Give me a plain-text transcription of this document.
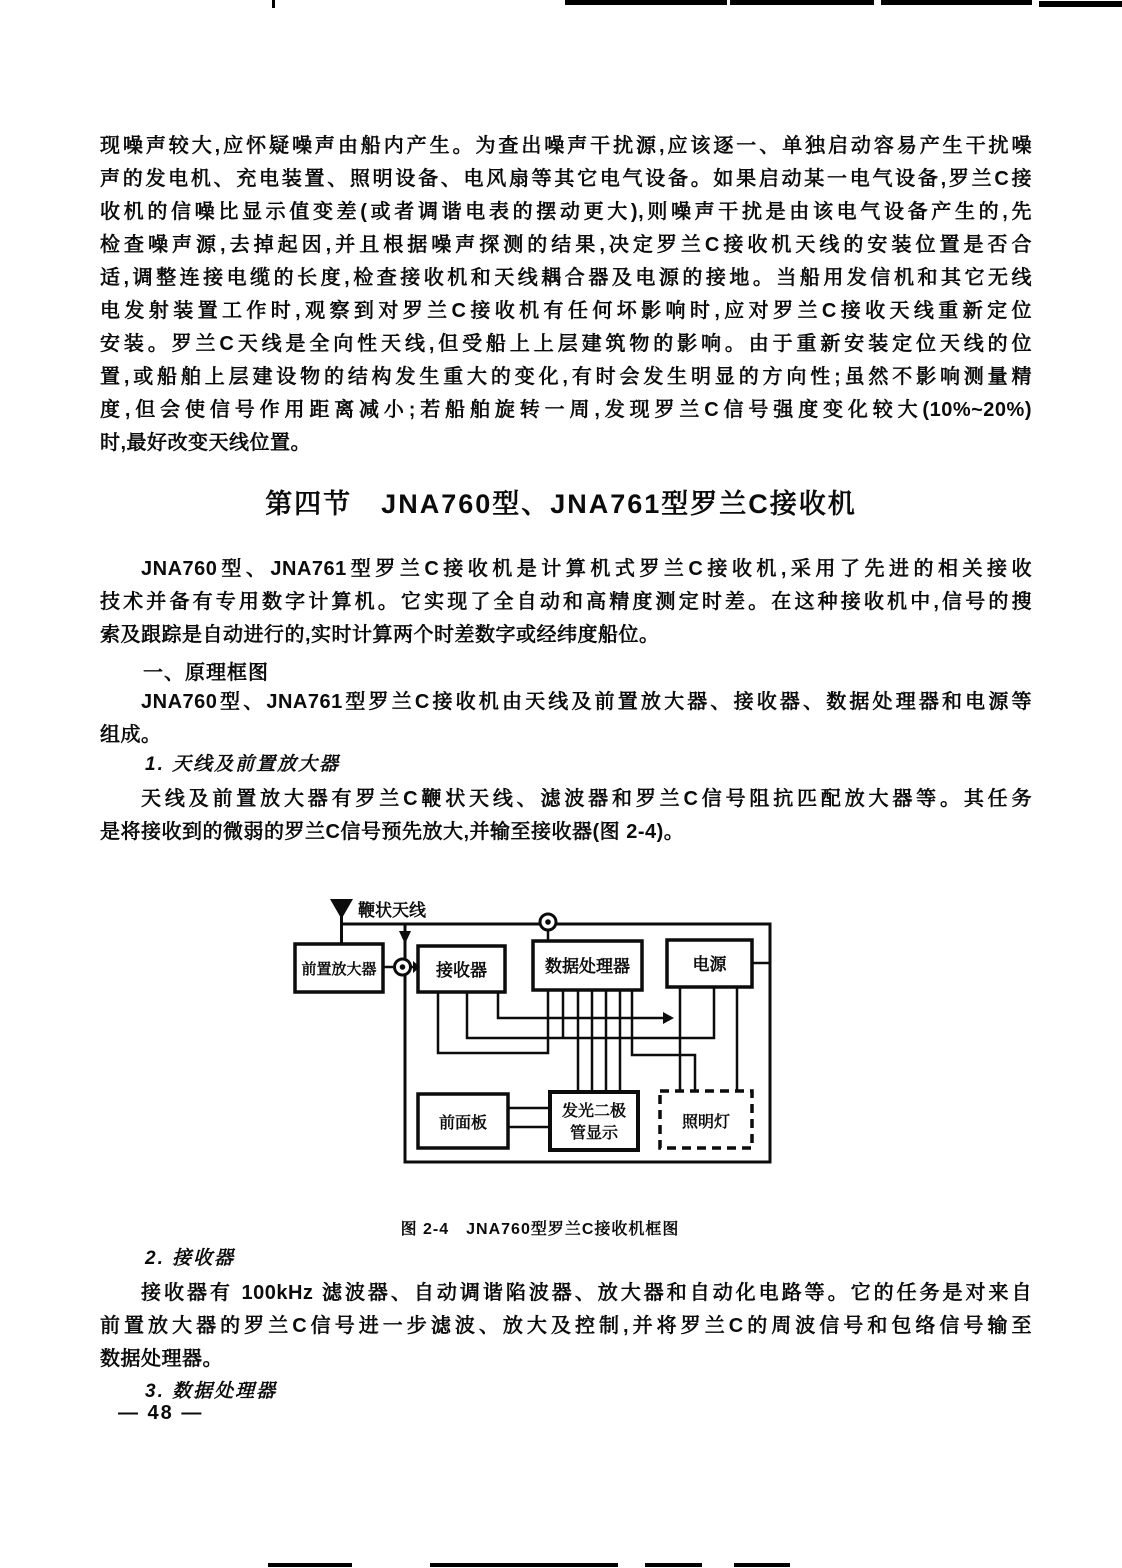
现噪声较大,应怀疑噪声由船内产生。为查出噪声干扰源,应该逐一、单独启动容易产生干扰噪
声的发电机、充电装置、照明设备、电风扇等其它电气设备。如果启动某一电气设备,罗兰C接
收机的信噪比显示值变差(或者调谐电表的摆动更大),则噪声干扰是由该电气设备产生的,先
检查噪声源,去掉起因,并且根据噪声探测的结果,决定罗兰C接收机天线的安装位置是否合
适,调整连接电缆的长度,检查接收机和天线耦合器及电源的接地。当船用发信机和其它无线
电发射装置工作时,观察到对罗兰C接收机有任何坏影响时,应对罗兰C接收天线重新定位
安装。罗兰C天线是全向性天线,但受船上上层建筑物的影响。由于重新安装定位天线的位
置,或船舶上层建设物的结构发生重大的变化,有时会发生明显的方向性;虽然不影响测量精
度,但会使信号作用距离减小;若船舶旋转一周,发现罗兰C信号强度变化较大(10%~20%)
时,最好改变天线位置。
第四节　JNA760型、JNA761型罗兰C接收机
JNA760型、JNA761型罗兰C接收机是计算机式罗兰C接收机,采用了先进的相关接收
技术并备有专用数字计算机。它实现了全自动和高精度测定时差。在这种接收机中,信号的搜
索及跟踪是自动进行的,实时计算两个时差数字或经纬度船位。
一、原理框图
JNA760型、JNA761型罗兰C接收机由天线及前置放大器、接收器、数据处理器和电源等
组成。
1. 天线及前置放大器
天线及前置放大器有罗兰C鞭状天线、滤波器和罗兰C信号阻抗匹配放大器等。其任务
是将接收到的微弱的罗兰C信号预先放大,并输至接收器(图 2-4)。
鞭状天线
前置放大器	接收器	数据处理器	电源
前面板
发光二极
管显示
照明灯
图 2-4　JNA760型罗兰C接收机框图
2. 接收器
接收器有 100kHz 滤波器、自动调谐陷波器、放大器和自动化电路等。它的任务是对来自
前置放大器的罗兰C信号进一步滤波、放大及控制,并将罗兰C的周波信号和包络信号输至
数据处理器。
3. 数据处理器
— 48 —
